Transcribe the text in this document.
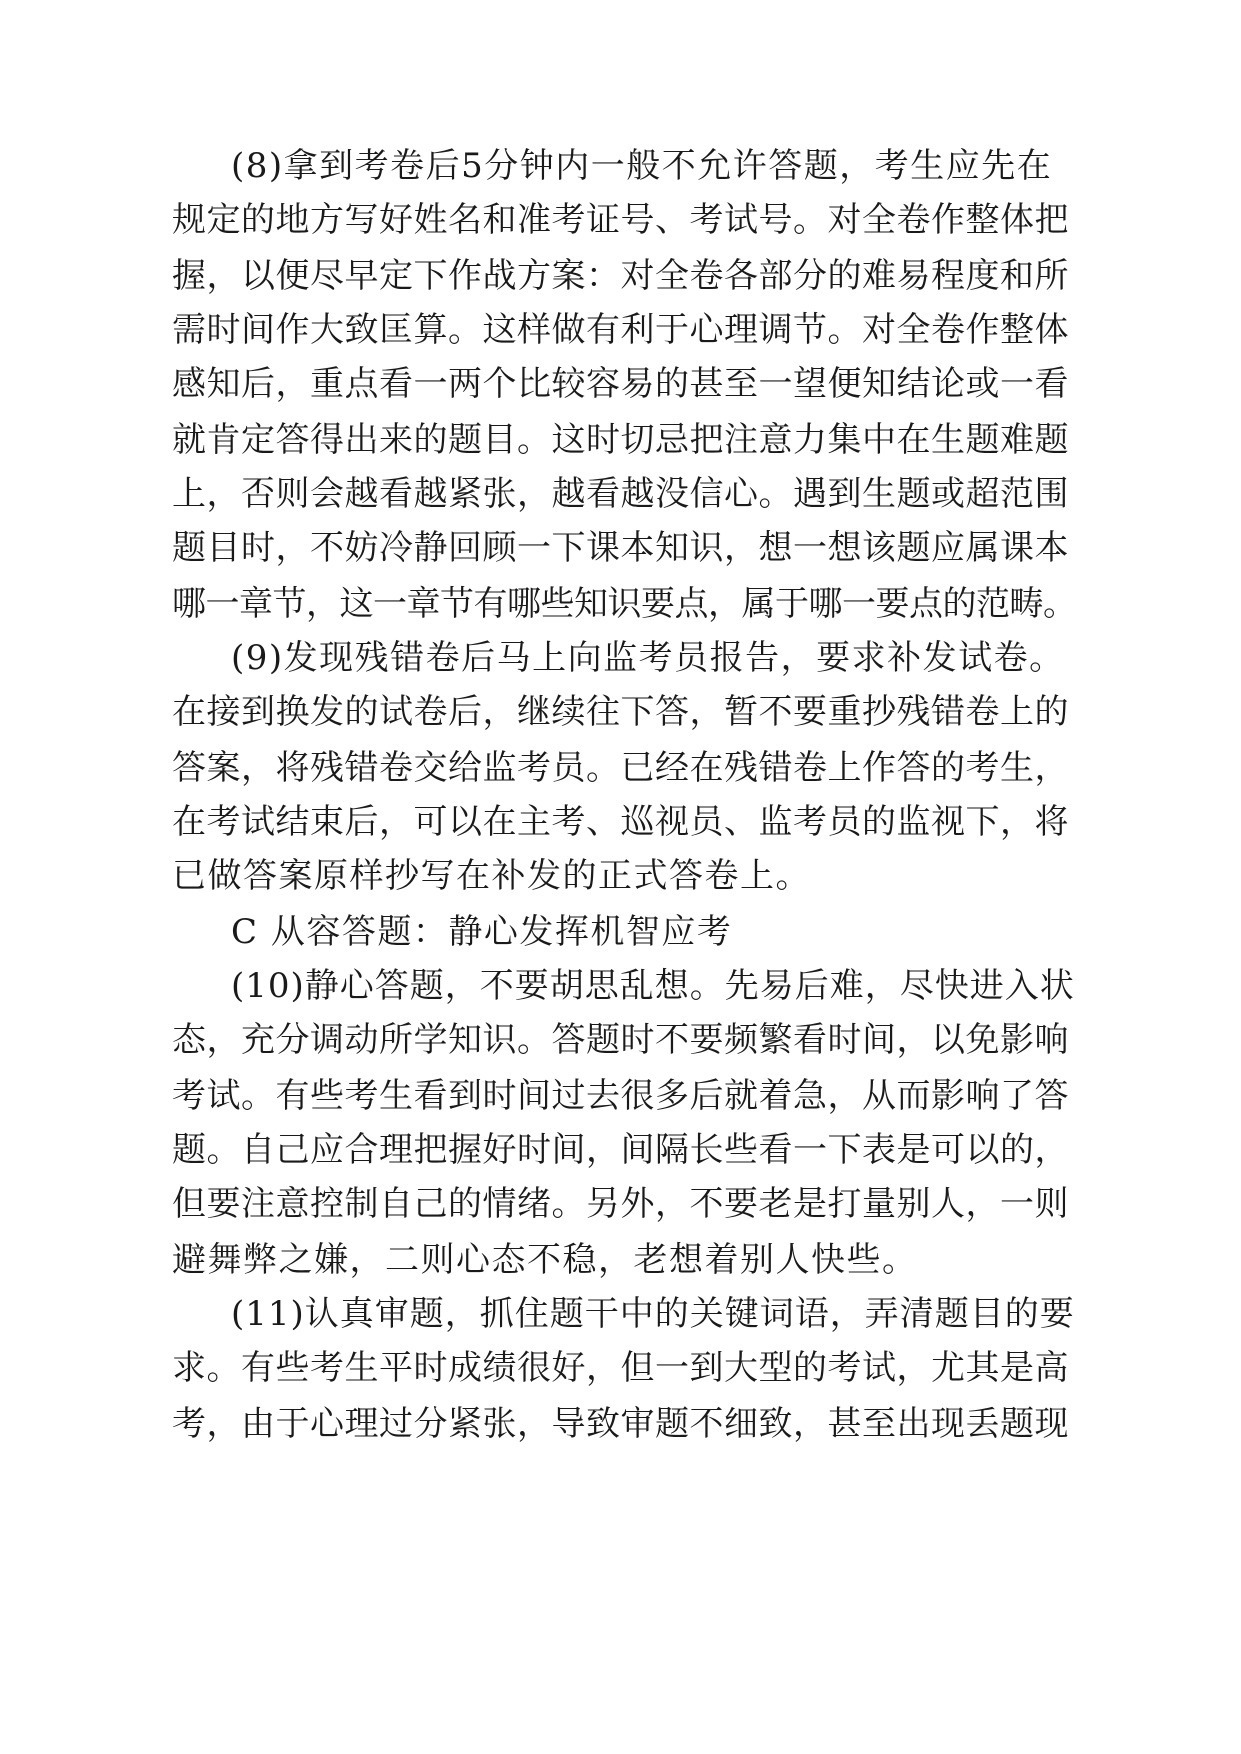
(8)拿到考卷后5分钟内一般不允许答题，考生应先在
规定的地方写好姓名和准考证号、考试号。对全卷作整体把
握，以便尽早定下作战方案：对全卷各部分的难易程度和所
需时间作大致匡算。这样做有利于心理调节。对全卷作整体
感知后，重点看一两个比较容易的甚至一望便知结论或一看
就肯定答得出来的题目。这时切忌把注意力集中在生题难题
上，否则会越看越紧张，越看越没信心。遇到生题或超范围
题目时，不妨冷静回顾一下课本知识，想一想该题应属课本
哪一章节，这一章节有哪些知识要点，属于哪一要点的范畴。
(9)发现残错卷后马上向监考员报告，要求补发试卷。
在接到换发的试卷后，继续往下答，暂不要重抄残错卷上的
答案，将残错卷交给监考员。已经在残错卷上作答的考生，
在考试结束后，可以在主考、巡视员、监考员的监视下，将
已做答案原样抄写在补发的正式答卷上。
C 从容答题：静心发挥机智应考
(10)静心答题，不要胡思乱想。先易后难，尽快进入状
态，充分调动所学知识。答题时不要频繁看时间，以免影响
考试。有些考生看到时间过去很多后就着急，从而影响了答
题。自己应合理把握好时间，间隔长些看一下表是可以的，
但要注意控制自己的情绪。另外，不要老是打量别人，一则
避舞弊之嫌，二则心态不稳，老想着别人快些。
(11)认真审题，抓住题干中的关键词语，弄清题目的要
求。有些考生平时成绩很好，但一到大型的考试，尤其是高
考，由于心理过分紧张，导致审题不细致，甚至出现丢题现
